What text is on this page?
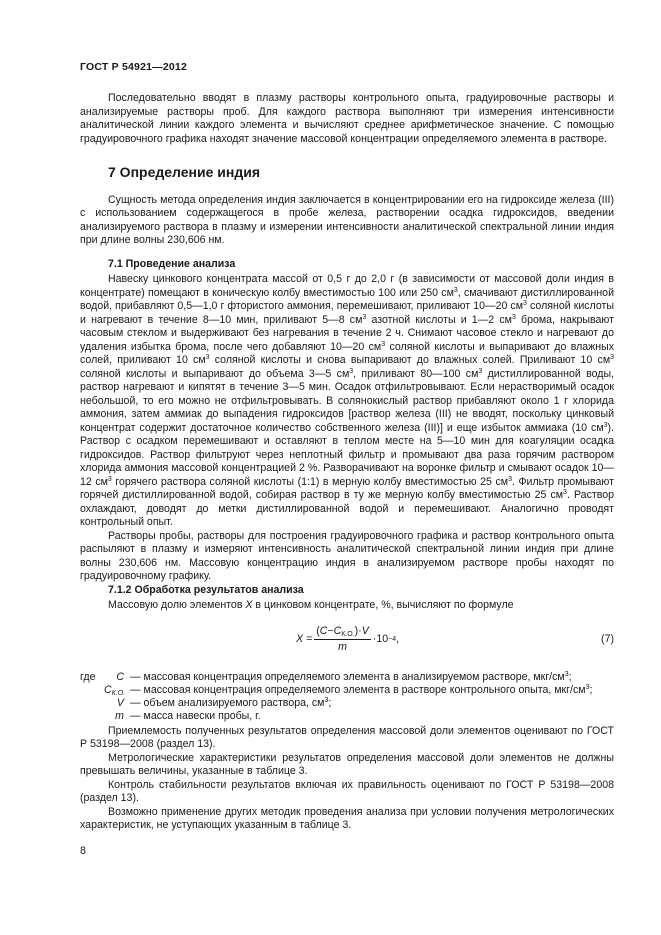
ГОСТ Р 54921—2012

Последовательно вводят в плазму растворы контрольного опыта, градуировочные растворы и анализируемые растворы проб. Для каждого раствора выполняют три измерения интенсивности аналитической линии каждого элемента и вычисляют среднее арифметическое значение. С помощью градуировочного графика находят значение массовой концентрации определяемого элемента в растворе.

7 Определение индия

Сущность метода определения индия заключается в концентрировании его на гидроксиде железа (III) с использованием содержащегося в пробе железа, растворении осадка гидроксидов, введении анализируемого раствора в плазму и измерении интенсивности аналитической спектральной линии индия при длине волны 230,606 нм.

7.1 Проведение анализа

Навеску цинкового концентрата массой от 0,5 г до 2,0 г (в зависимости от массовой доли индия в концентрате) помещают в коническую колбу вместимостью 100 или 250 $см^3$, смачивают дистиллированной водой, прибавляют 0,5—1,0 г фтористого аммония, перемешивают, приливают 10—20 $см^3$ соляной кислоты и нагревают в течение 8—10 мин, приливают 5—8 $см^3$ азотной кислоты и 1—2 $см^3$ брома, накрывают часовым стеклом и выдерживают без нагревания в течение 2 ч. Снимают часовое стекло и нагревают до удаления избытка брома, после чего добавляют 10—20 $см^3$ соляной кислоты и выпаривают до влажных солей, приливают 10 $см^3$ соляной кислоты и снова выпаривают до влажных солей. Приливают 10 $см^3$ соляной кислоты и выпаривают до объема 3—5 $см^3$, приливают 80—100 $см^3$ дистиллированной воды, раствор нагревают и кипятят в течение 3—5 мин. Осадок отфильтровывают. Если нерастворимый осадок небольшой, то его можно не отфильтровывать. В солянокислый раствор прибавляют около 1 г хлорида аммония, затем аммиак до выпадения гидроксидов [раствор железа (III) не вводят, поскольку цинковый концентрат содержит достаточное количество собственного железа (III)] и еще избыток аммиака (10 $см^3$). Раствор с осадком перемешивают и оставляют в теплом месте на 5—10 мин для коагуляции осадка гидроксидов. Раствор фильтруют через неплотный фильтр и промывают два раза горячим раствором хлорида аммония массовой концентрацией 2 %. Разворачивают на воронке фильтр и смывают осадок 10—12 $см^3$ горячего раствора соляной кислоты (1:1) в мерную колбу вместимостью 25 $см^3$. Фильтр промывают горячей дистиллированной водой, собирая раствор в ту же мерную колбу вместимостью 25 $см^3$. Раствор охлаждают, доводят до метки дистиллированной водой и перемешивают. Аналогично проводят контрольный опыт.

Растворы пробы, растворы для построения градуировочного графика и раствор контрольного опыта распыляют в плазму и измеряют интенсивность аналитической спектральной линии индия при длине волны 230,606 нм. Массовую концентрацию индия в анализируемом растворе пробы находят по градуировочному графику.

7.1.2 Обработка результатов анализа

Массовую долю элементов X в цинковом концентрате, %, вычисляют по формуле

$X = \frac{(C-C_{К.О.})\cdot V}{m} \cdot 10 -4$ ,	(7)
где	C — массовая концентрация определяемого элемента в анализируемом растворе, мкг/$см^3$;
$C_{К.О.}$ — массовая концентрация определяемого элемента в растворе контрольного опыта, мкг/$см^3$;
V — объем анализируемого раствора, $см^3$;
m — масса навески пробы, г.

Приемлемость полученных результатов определения массовой доли элементов оценивают по ГОСТ Р 53198—2008 (раздел 13).

Метрологические характеристики результатов определения массовой доли элементов не должны превышать величины, указанные в таблице 3.

Контроль стабильности результатов включая их правильность оценивают по ГОСТ Р 53198—2008 (раздел 13).

Возможно применение других методик проведения анализа при условии получения метрологических характеристик, не уступающих указанным в таблице 3.

8
